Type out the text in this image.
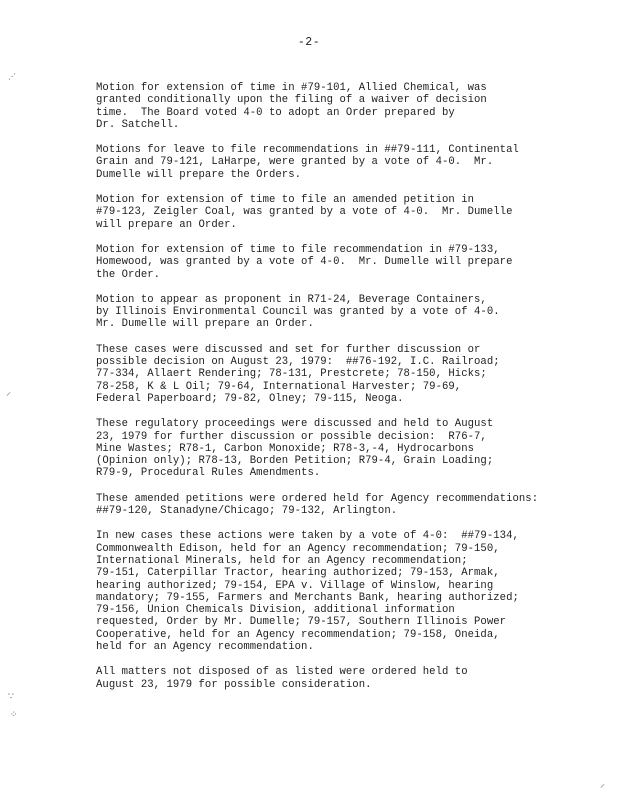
-2-
Motion for extension of time in #79-101, Allied Chemical, was
granted conditionally upon the filing of a waiver of decision
time.  The Board voted 4-0 to adopt an Order prepared by
Dr. Satchell.
Motions for leave to file recommendations in ##79-111, Continental
Grain and 79-121, LaHarpe, were granted by a vote of 4-0.  Mr.
Dumelle will prepare the Orders.
Motion for extension of time to file an amended petition in
#79-123, Zeigler Coal, was granted by a vote of 4-0.  Mr. Dumelle
will prepare an Order.
Motion for extension of time to file recommendation in #79-133,
Homewood, was granted by a vote of 4-0.  Mr. Dumelle will prepare
the Order.
Motion to appear as proponent in R71-24, Beverage Containers,
by Illinois Environmental Council was granted by a vote of 4-0.
Mr. Dumelle will prepare an Order.
These cases were discussed and set for further discussion or
possible decision on August 23, 1979:  ##76-192, I.C. Railroad;
77-334, Allaert Rendering; 78-131, Prestcrete; 78-150, Hicks;
78-258, K & L Oil; 79-64, International Harvester; 79-69,
Federal Paperboard; 79-82, Olney; 79-115, Neoga.
These regulatory proceedings were discussed and held to August
23, 1979 for further discussion or possible decision:  R76-7,
Mine Wastes; R78-1, Carbon Monoxide; R78-3,-4, Hydrocarbons
(Opinion only); R78-13, Borden Petition; R79-4, Grain Loading;
R79-9, Procedural Rules Amendments.
These amended petitions were ordered held for Agency recommendations:
##79-120, Stanadyne/Chicago; 79-132, Arlington.
In new cases these actions were taken by a vote of 4-0:  ##79-134,
Commonwealth Edison, held for an Agency recommendation; 79-150,
International Minerals, held for an Agency recommendation;
79-151, Caterpillar Tractor, hearing authorized; 79-153, Armak,
hearing authorized; 79-154, EPA v. Village of Winslow, hearing
mandatory; 79-155, Farmers and Merchants Bank, hearing authorized;
79-156, Union Chemicals Division, additional information
requested, Order by Mr. Dumelle; 79-157, Southern Illinois Power
Cooperative, held for an Agency recommendation; 79-158, Oneida,
held for an Agency recommendation.
All matters not disposed of as listed were ordered held to
August 23, 1979 for possible consideration.
⋰
⸝
∵
⁘
⸝
